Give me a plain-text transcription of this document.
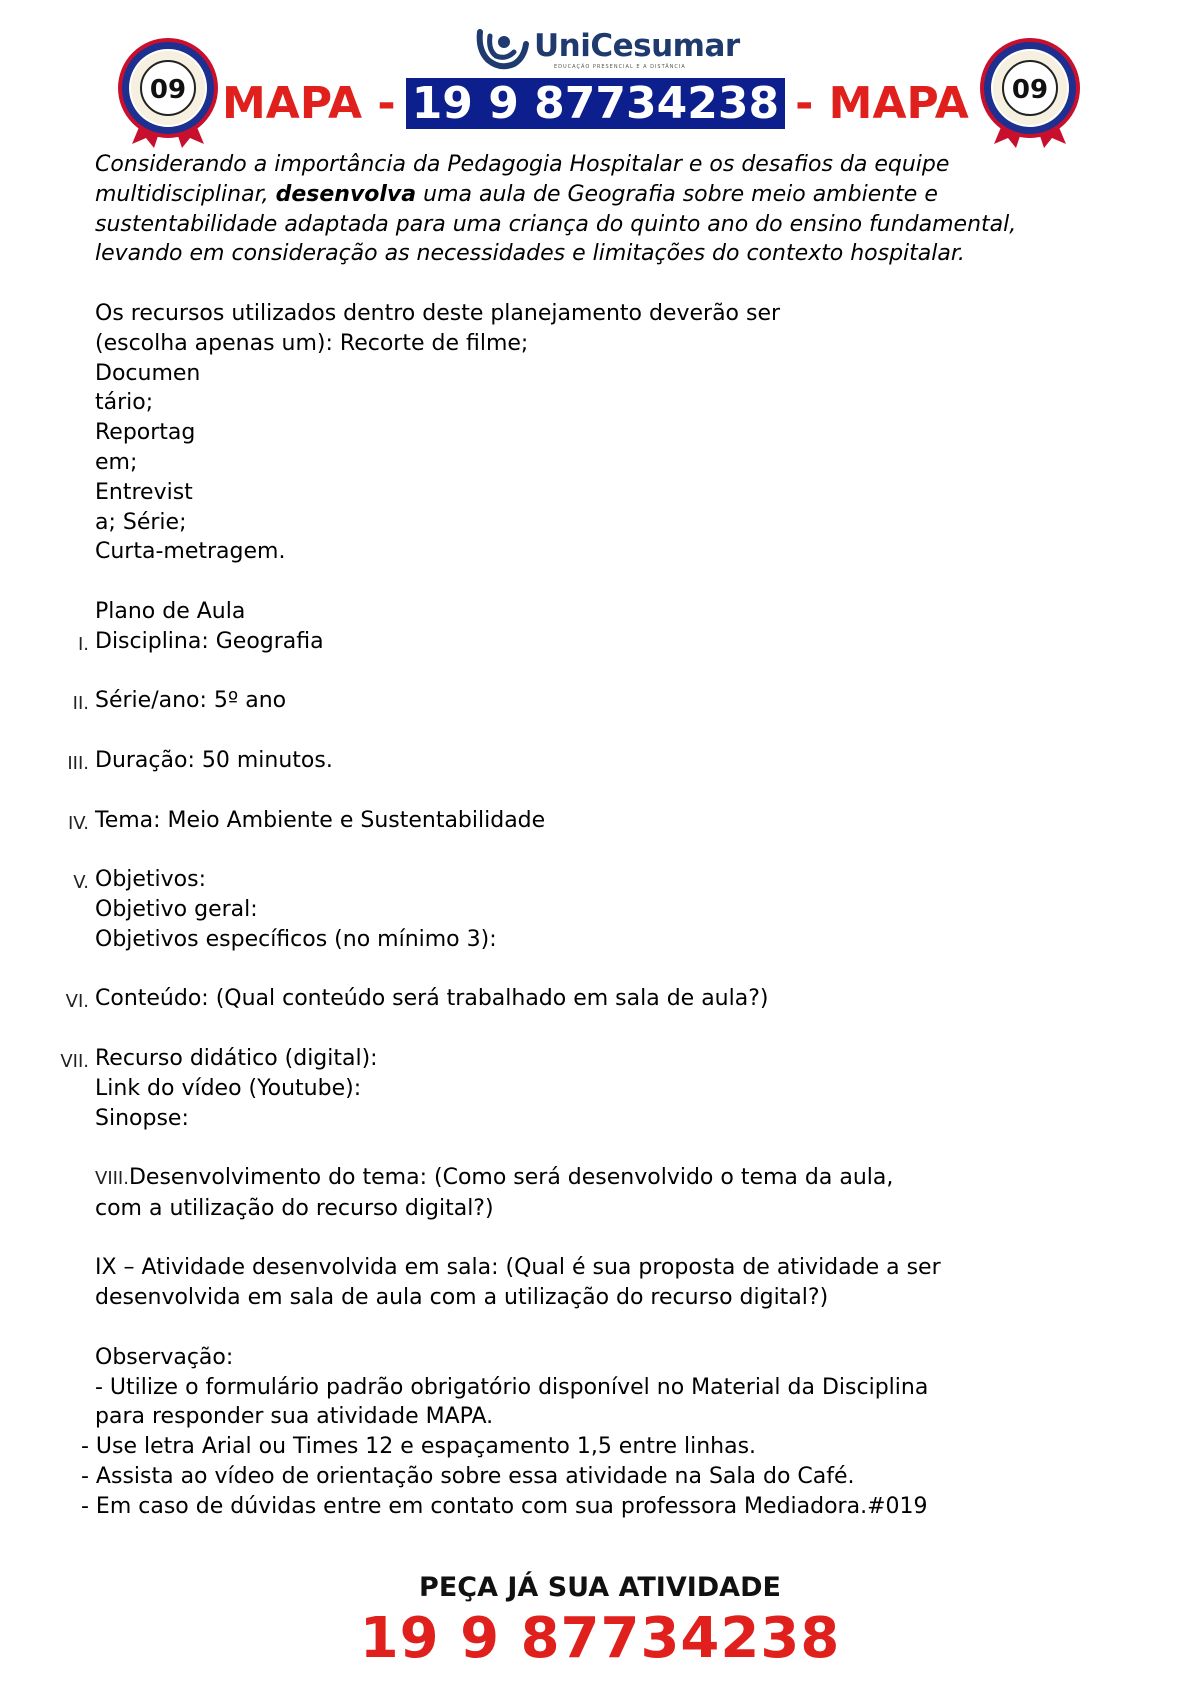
UniCesumar
EDUCAÇÃO PRESENCIAL E A DISTÂNCIA
09	09
MAPA - 19 9 87734238 - MAPA

Considerando a importância da Pedagogia Hospitalar e os desafios da equipe multidisciplinar, desenvolva uma aula de Geografia sobre meio ambiente e sustentabilidade adaptada para uma criança do quinto ano do ensino fundamental, levando em consideração as necessidades e limitações do contexto hospitalar.

Os recursos utilizados dentro deste planejamento deverão ser

(escolha apenas um): Recorte de filme;

Documen

tário;

Reportag

em;

Entrevist

a; Série;

Curta-metragem.

Plano de Aula

I. Disciplina: Geografia

II. Série/ano: 5º ano

III. Duração: 50 minutos.

IV. Tema: Meio Ambiente e Sustentabilidade

V. Objetivos:

Objetivo geral:

Objetivos específicos (no mínimo 3):

VI. Conteúdo: (Qual conteúdo será trabalhado em sala de aula?)

VII. Recurso didático (digital):

Link do vídeo (Youtube):

Sinopse:

VIII.Desenvolvimento do tema: (Como será desenvolvido o tema da aula,

com a utilização do recurso digital?)

IX – Atividade desenvolvida em sala: (Qual é sua proposta de atividade a ser

desenvolvida em sala de aula com a utilização do recurso digital?)

Observação:

- Utilize o formulário padrão obrigatório disponível no Material da Disciplina

para responder sua atividade MAPA.

- Use letra Arial ou Times 12 e espaçamento 1,5 entre linhas.

- Assista ao vídeo de orientação sobre essa atividade na Sala do Café.

- Em caso de dúvidas entre em contato com sua professora Mediadora.#019

PEÇA JÁ SUA ATIVIDADE
19 9 87734238
